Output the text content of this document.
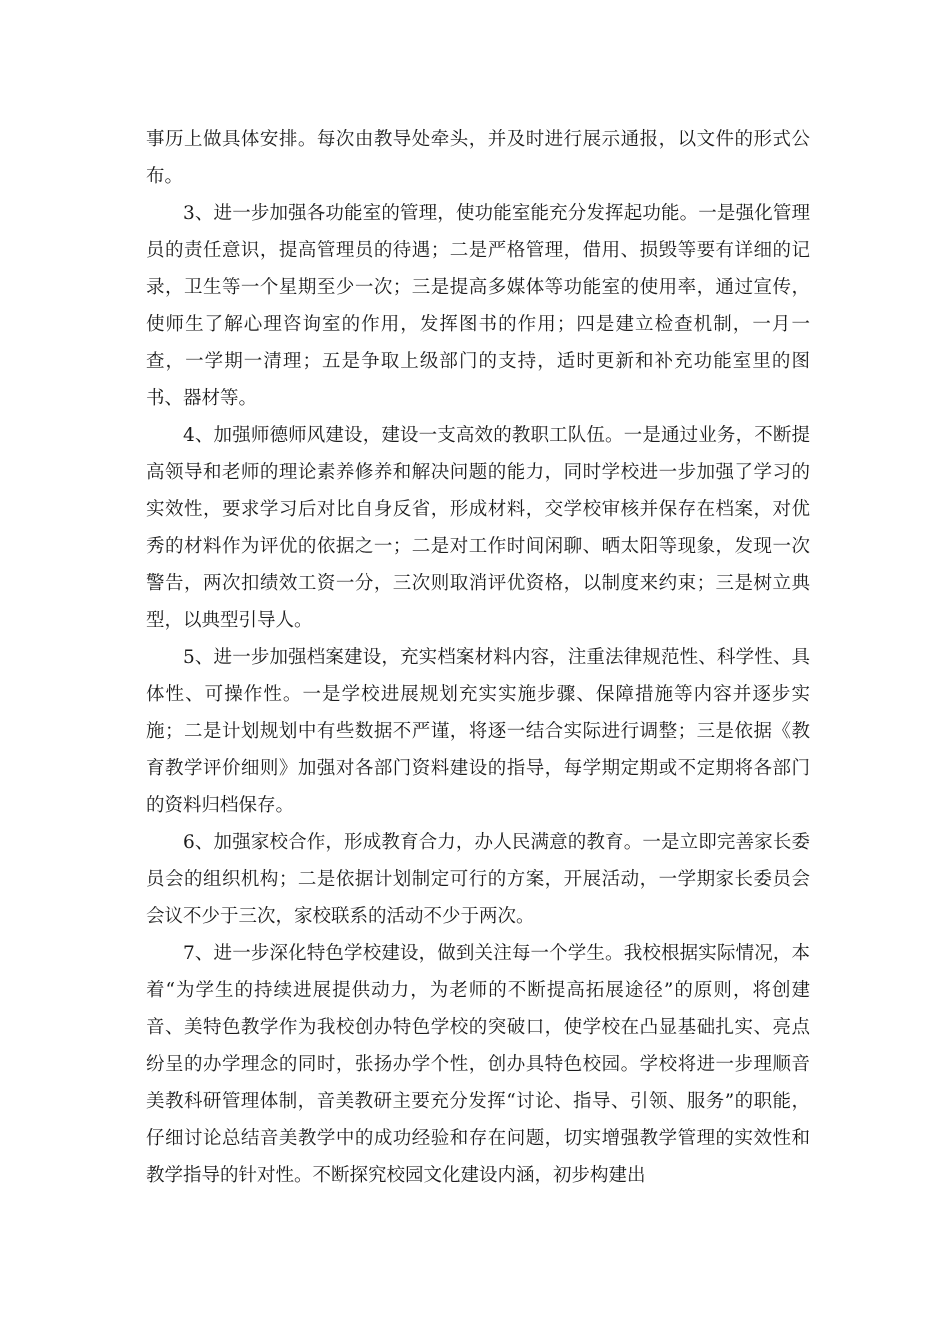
事历上做具体安排。每次由教导处牵头，并及时进行展示通报，以文件的形式公布。

3、进一步加强各功能室的管理，使功能室能充分发挥起功能。一是强化管理员的责任意识，提高管理员的待遇；二是严格管理，借用、损毁等要有详细的记录，卫生等一个星期至少一次；三是提高多媒体等功能室的使用率，通过宣传，使师生了解心理咨询室的作用，发挥图书的作用；四是建立检查机制，一月一查，一学期一清理；五是争取上级部门的支持，适时更新和补充功能室里的图书、器材等。

4、加强师德师风建设，建设一支高效的教职工队伍。一是通过业务，不断提高领导和老师的理论素养修养和解决问题的能力，同时学校进一步加强了学习的实效性，要求学习后对比自身反省，形成材料，交学校审核并保存在档案，对优秀的材料作为评优的依据之一；二是对工作时间闲聊、晒太阳等现象，发现一次警告，两次扣绩效工资一分，三次则取消评优资格，以制度来约束；三是树立典型，以典型引导人。

5、进一步加强档案建设，充实档案材料内容，注重法律规范性、科学性、具体性、可操作性。一是学校进展规划充实实施步骤、保障措施等内容并逐步实施；二是计划规划中有些数据不严谨，将逐一结合实际进行调整；三是依据《教育教学评价细则》加强对各部门资料建设的指导，每学期定期或不定期将各部门的资料归档保存。

6、加强家校合作，形成教育合力，办人民满意的教育。一是立即完善家长委员会的组织机构；二是依据计划制定可行的方案，开展活动，一学期家长委员会会议不少于三次，家校联系的活动不少于两次。

7、进一步深化特色学校建设，做到关注每一个学生。我校根据实际情况，本着“为学生的持续进展提供动力，为老师的不断提高拓展途径”的原则，将创建音、美特色教学作为我校创办特色学校的突破口，使学校在凸显基础扎实、亮点纷呈的办学理念的同时，张扬办学个性，创办具特色校园。学校将进一步理顺音美教科研管理体制，音美教研主要充分发挥“讨论、指导、引领、服务”的职能，仔细讨论总结音美教学中的成功经验和存在问题，切实增强教学管理的实效性和教学指导的针对性。不断探究校园文化建设内涵，初步构建出
